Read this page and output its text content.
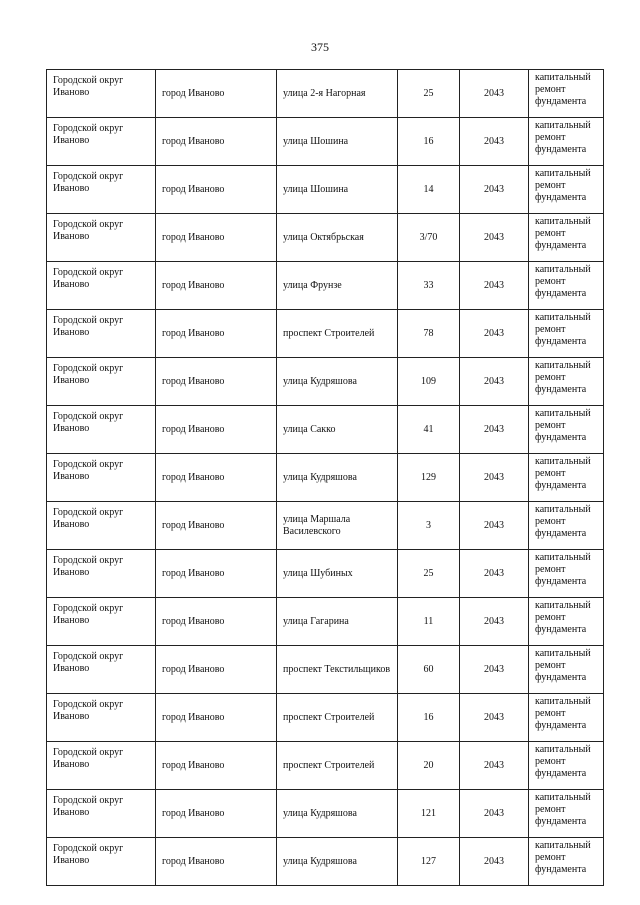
375
Городской округ Иваново	город Иваново	улица 2-я Нагорная	25	2043	капитальный ремонт фундамента
Городской округ Иваново	город Иваново	улица Шошина	16	2043	капитальный ремонт фундамента
Городской округ Иваново	город Иваново	улица Шошина	14	2043	капитальный ремонт фундамента
Городской округ Иваново	город Иваново	улица Октябрьская	3/70	2043	капитальный ремонт фундамента
Городской округ Иваново	город Иваново	улица Фрунзе	33	2043	капитальный ремонт фундамента
Городской округ Иваново	город Иваново	проспект Строителей	78	2043	капитальный ремонт фундамента
Городской округ Иваново	город Иваново	улица Кудряшова	109	2043	капитальный ремонт фундамента
Городской округ Иваново	город Иваново	улица Сакко	41	2043	капитальный ремонт фундамента
Городской округ Иваново	город Иваново	улица Кудряшова	129	2043	капитальный ремонт фундамента
Городской округ Иваново	город Иваново	улица Маршала Василевского	3	2043	капитальный ремонт фундамента
Городской округ Иваново	город Иваново	улица Шубиных	25	2043	капитальный ремонт фундамента
Городской округ Иваново	город Иваново	улица Гагарина	11	2043	капитальный ремонт фундамента
Городской округ Иваново	город Иваново	проспект Текстильщиков	60	2043	капитальный ремонт фундамента
Городской округ Иваново	город Иваново	проспект Строителей	16	2043	капитальный ремонт фундамента
Городской округ Иваново	город Иваново	проспект Строителей	20	2043	капитальный ремонт фундамента
Городской округ Иваново	город Иваново	улица Кудряшова	121	2043	капитальный ремонт фундамента
Городской округ Иваново	город Иваново	улица Кудряшова	127	2043	капитальный ремонт фундамента
